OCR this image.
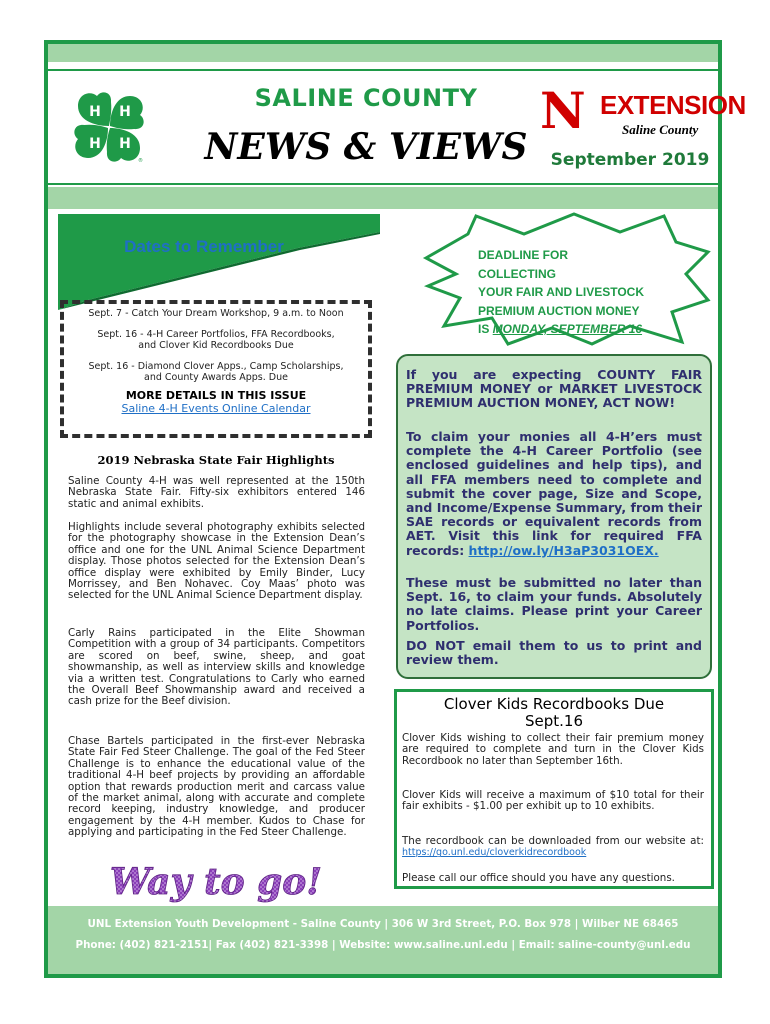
H H
H
H
®
SALINE COUNTY
NEWS & VIEWS
N EXTENSION
Saline County
September 2019
Dates to Remember
Sept. 7 - Catch Your Dream Workshop, 9 a.m. to Noon
Sept. 16 - 4-H Career Portfolios, FFA Recordbooks,
and Clover Kid Recordbooks Due
Sept. 16 - Diamond Clover Apps., Camp Scholarships,
and County Awards Apps. Due
MORE DETAILS IN THIS ISSUE
Saline 4-H Events Online Calendar
DEADLINE FOR COLLECTING
YOUR FAIR AND LIVESTOCK
PREMIUM AUCTION MONEY
IS MONDAY, SEPTEMBER 16
2019 Nebraska State Fair Highlights
Saline County 4-H was well represented at the 150th Nebraska State Fair. Fifty-six exhibitors entered 146 static and animal exhibits.
Highlights include several photography exhibits selected for the photography showcase in the Extension Dean’s office and one for the UNL Animal Science Department display. Those photos selected for the Extension Dean’s office display were exhibited by Emily Binder, Lucy Morrissey, and Ben Nohavec. Coy Maas’ photo was selected for the UNL Animal Science Department display.
Carly Rains participated in the Elite Showman Competition with a group of 34 participants. Competitors are scored on beef, swine, sheep, and goat showmanship, as well as interview skills and knowledge via a written test. Congratulations to Carly who earned the Overall Beef Showmanship award and received a cash prize for the Beef division.
Chase Bartels participated in the first-ever Nebraska State Fair Fed Steer Challenge. The goal of the Fed Steer Challenge is to enhance the educational value of the traditional 4-H beef projects by providing an affordable option that rewards production merit and carcass value of the market animal, along with accurate and complete record keeping, industry knowledge, and producer engagement by the 4-H member. Kudos to Chase for applying and participating in the Fed Steer Challenge.
Way to go!
If you are expecting COUNTY FAIR PREMIUM MONEY or MARKET LIVESTOCK PREMIUM AUCTION MONEY, ACT NOW!
To claim your monies all 4-H’ers must complete the 4-H Career Portfolio (see enclosed guidelines and help tips), and all FFA members need to complete and submit the cover page, Size and Scope, and Income/Expense Summary, from their SAE records or equivalent records from AET. Visit this link for required FFA records: http://ow.ly/H3aP3031OEX.
These must be submitted no later than Sept. 16, to claim your funds. Absolutely no late claims. Please print your Career Portfolios.
DO NOT email them to us to print and review them.
Clover Kids Recordbooks Due
Sept.16
Clover Kids wishing to collect their fair premium money are required to complete and turn in the Clover Kids Recordbook no later than September 16th.
Clover Kids will receive a maximum of $10 total for their fair exhibits - $1.00 per exhibit up to 10 exhibits.
The recordbook can be downloaded from our website at: https://go.unl.edu/cloverkidrecordbook
Please call our office should you have any questions.
UNL Extension Youth Development - Saline County | 306 W 3rd Street, P.O. Box 978 | Wilber NE 68465
Phone: (402) 821-2151| Fax (402) 821-3398 | Website: www.saline.unl.edu | Email: saline-county@unl.edu
